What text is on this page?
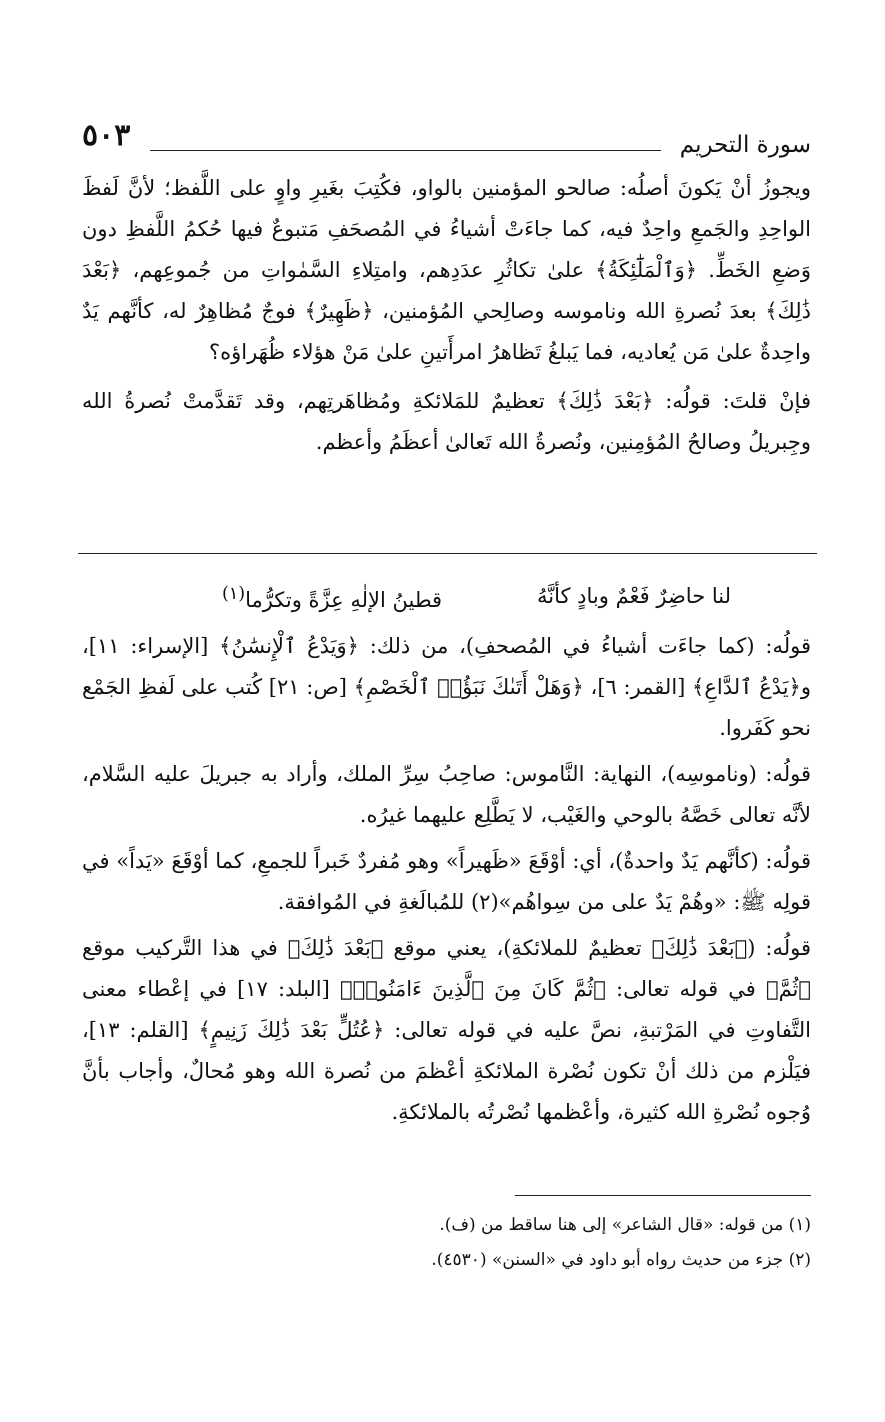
سورة التحريم
٥٠٣

ويجوزُ أنْ يَكونَ أصلُه: صالحو المؤمنين بالواو، فكُتِبَ بغَيرِ واوٍ على اللَّفظ؛ لأنَّ لَفظَ الواحِدِ والجَمعِ واحِدٌ فيه، كما جاءَتْ أشياءُ في المُصحَفِ مَتبوعٌ فيها حُكمُ اللَّفظِ دون وَضعِ الخَطِّ. ﴿وَٱلْمَلَٰٓئِكَةُ﴾ علىٰ تكاثُرِ عدَدِهم، وامتِلاءِ السَّمٰواتِ من جُموعِهم، ﴿بَعْدَ ذَٰلِكَ﴾ بعدَ نُصرةِ الله وناموسه وصالِحي المُؤمنين، ﴿ظَهِيرٌ﴾ فوجٌ مُظاهِرٌ له، كأنَّهم يَدٌ واحِدةٌ علىٰ مَن يُعاديه، فما يَبلغُ تَظاهرُ امرأَتينِ علىٰ مَنْ هؤلاء ظُهَراؤه؟

فإنْ قلتَ: قولُه: ﴿بَعْدَ ذَٰلِكَ﴾ تعظيمٌ للمَلائكةِ ومُظاهَرتِهم، وقد تَقدَّمتْ نُصرةُ الله وجِبريلُ وصالحُ المُؤمِنين، ونُصرةُ الله تَعالىٰ أعظَمُ وأعظم.

لنا حاضِرٌ فَعْمٌ وبادٍ كأنَّهُ
قطينُ الإلٰهِ عِزَّةً وتكرُّما$^{(١)}$

قولُه: (كما جاءَت أشياءُ في المُصحفِ)، من ذلك: ﴿وَيَدْعُ ٱلْإِنسَٰنُ﴾ [الإسراء: ١١]، و﴿يَدْعُ ٱلدَّاعِ﴾ [القمر: ٦]، ﴿وَهَلْ أَتَىٰكَ نَبَؤُا۟ ٱلْخَصْمِ﴾ [ص: ٢١] كُتب على لَفظِ الجَمْع نحو كَفَروا.

قولُه: (وناموسِه)، النهاية: النَّاموس: صاحِبُ سِرِّ الملك، وأراد به جبريلَ عليه السَّلام، لأنَّه تعالى خَصَّهُ بالوحي والغَيْب، لا يَطَّلِع عليهما غيرُه.

قولُه: (كأنَّهم يَدٌ واحدةٌ)، أي: أوْقَعَ «ظَهيراً» وهو مُفردٌ خَبراً للجمعِ، كما أوْقَعَ «يَداً» في قولِه ﷺ: «وهُمْ يَدٌ على من سِواهُم»(٢) للمُبالَغةِ في المُوافقة.

قولُه: (﴿بَعْدَ ذَٰلِكَ﴾ تعظيمٌ للملائكةِ)، يعني موقع ﴿بَعْدَ ذَٰلِكَ﴾ في هذا التَّركيب موقع ﴿ثُمَّ﴾ في قوله تعالى: ﴿ثُمَّ كَانَ مِنَ ٱلَّذِينَ ءَامَنُوا۟﴾ [البلد: ١٧] في إعْطاء معنى التَّفاوتِ في المَرْتبةِ، نصَّ عليه في قوله تعالى: ﴿عُتُلٍّ بَعْدَ ذَٰلِكَ زَنِيمٍ﴾ [القلم: ١٣]، فيَلْزم من ذلك أنْ تكون نُصْرة الملائكةِ أعْظمَ من نُصرة الله وهو مُحالٌ، وأجاب بأنَّ وُجوه نُصْرةِ الله كثيرة، وأعْظمها نُصْرتُه بالملائكةِ.

(١) من قوله: «قال الشاعر» إلى هنا ساقط من (ف).

(٢) جزء من حديث رواه أبو داود في «السنن» (٤٥٣٠).
